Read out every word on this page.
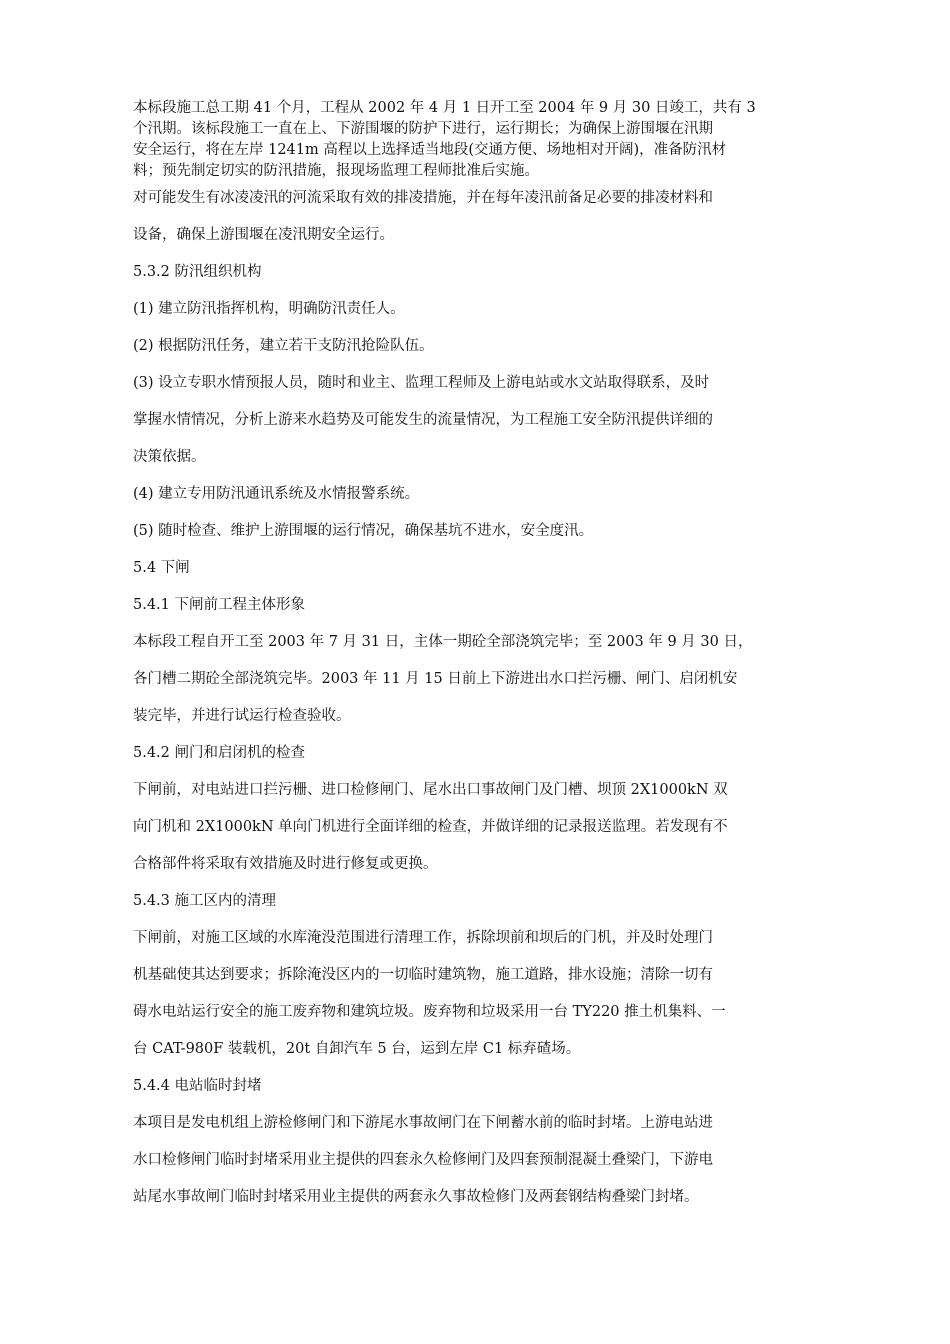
本标段施工总工期 41 个月，工程从 2002 年 4 月 1 日开工至 2004 年 9 月 30 日竣工，共有 3
个汛期。该标段施工一直在上、下游围堰的防护下进行，运行期长；为确保上游围堰在汛期
安全运行，将在左岸 1241m 高程以上选择适当地段(交通方便、场地相对开阔)，准备防汛材
料；预先制定切实的防汛措施，报现场监理工程师批准后实施。

对可能发生有冰凌凌汛的河流采取有效的排凌措施，并在每年凌汛前备足必要的排凌材料和

设备，确保上游围堰在凌汛期安全运行。

5.3.2 防汛组织机构

(1) 建立防汛指挥机构，明确防汛责任人。

(2) 根据防汛任务，建立若干支防汛抢险队伍。

(3) 设立专职水情预报人员，随时和业主、监理工程师及上游电站或水文站取得联系，及时

掌握水情情况，分析上游来水趋势及可能发生的流量情况，为工程施工安全防汛提供详细的

决策依据。

(4) 建立专用防汛通讯系统及水情报警系统。

(5) 随时检查、维护上游围堰的运行情况，确保基坑不进水，安全度汛。

5.4 下闸

5.4.1 下闸前工程主体形象

本标段工程自开工至 2003 年 7 月 31 日，主体一期砼全部浇筑完毕；至 2003 年 9 月 30 日，

各门槽二期砼全部浇筑完毕。2003 年 11 月 15 日前上下游进出水口拦污栅、闸门、启闭机安

装完毕，并进行试运行检查验收。

5.4.2 闸门和启闭机的检查

下闸前，对电站进口拦污栅、进口检修闸门、尾水出口事故闸门及门槽、坝顶 2X1000kN 双

向门机和 2X1000kN 单向门机进行全面详细的检查，并做详细的记录报送监理。若发现有不

合格部件将采取有效措施及时进行修复或更换。

5.4.3 施工区内的清理

下闸前，对施工区域的水库淹没范围进行清理工作，拆除坝前和坝后的门机，并及时处理门

机基础使其达到要求；拆除淹没区内的一切临时建筑物，施工道路，排水设施；清除一切有

碍水电站运行安全的施工废弃物和建筑垃圾。废弃物和垃圾采用一台 TY220 推土机集料、一

台 CAT-980F 装载机，20t 自卸汽车 5 台，运到左岸 C1 标弃碴场。

5.4.4 电站临时封堵

本项目是发电机组上游检修闸门和下游尾水事故闸门在下闸蓄水前的临时封堵。上游电站进

水口检修闸门临时封堵采用业主提供的四套永久检修闸门及四套预制混凝土叠梁门，下游电

站尾水事故闸门临时封堵采用业主提供的两套永久事故检修门及两套钢结构叠梁门封堵。
